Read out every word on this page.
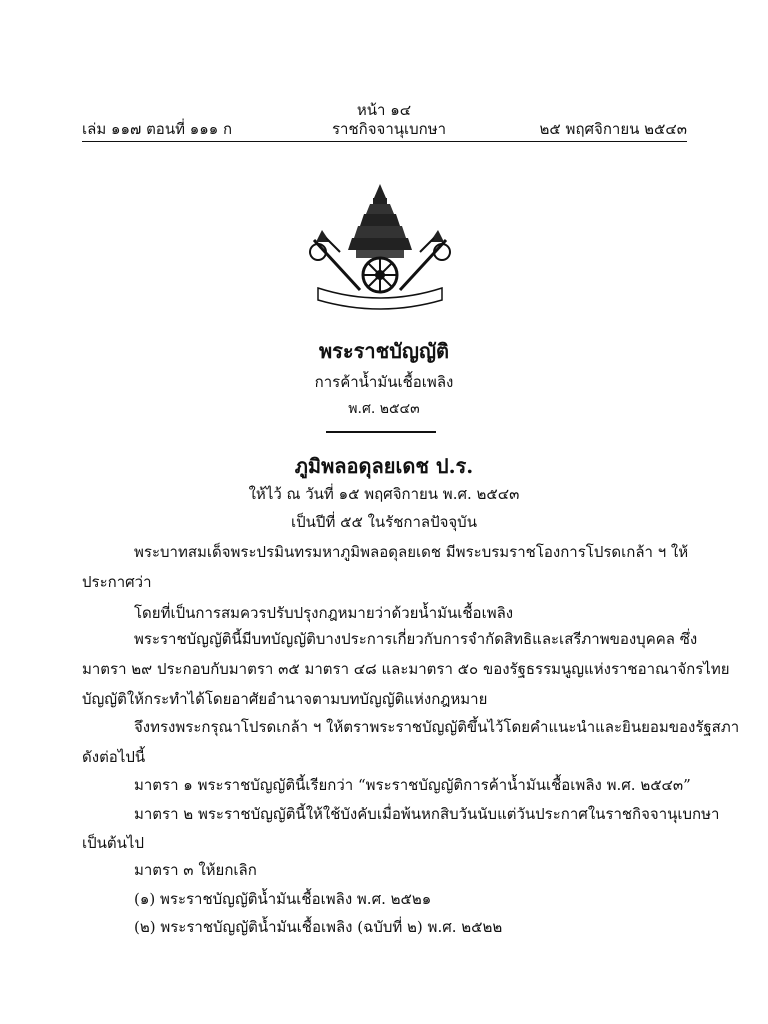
หน้า ๑๔
เล่ม ๑๑๗ ตอนที่ ๑๑๑ ก	ราชกิจจานุเบกษา	๒๕ พฤศจิกายน ๒๕๔๓
พระราชบัญญัติ
การค้าน้ำมันเชื้อเพลิง
พ.ศ. ๒๕๔๓
ภูมิพลอดุลยเดช ป.ร.
ให้ไว้ ณ วันที่ ๑๕ พฤศจิกายน พ.ศ. ๒๕๔๓
เป็นปีที่ ๕๕ ในรัชกาลปัจจุบัน
พระบาทสมเด็จพระปรมินทรมหาภูมิพลอดุลยเดช มีพระบรมราชโองการโปรดเกล้า ฯ ให้
ประกาศว่า
โดยที่เป็นการสมควรปรับปรุงกฎหมายว่าด้วยน้ำมันเชื้อเพลิง
พระราชบัญญัตินี้มีบทบัญญัติบางประการเกี่ยวกับการจำกัดสิทธิและเสรีภาพของบุคคล ซึ่ง
มาตรา ๒๙ ประกอบกับมาตรา ๓๕ มาตรา ๔๘ และมาตรา ๕๐ ของรัฐธรรมนูญแห่งราชอาณาจักรไทย
บัญญัติให้กระทำได้โดยอาศัยอำนาจตามบทบัญญัติแห่งกฎหมาย
จึงทรงพระกรุณาโปรดเกล้า ฯ ให้ตราพระราชบัญญัติขึ้นไว้โดยคำแนะนำและยินยอมของรัฐสภา
ดังต่อไปนี้
มาตรา ๑ พระราชบัญญัตินี้เรียกว่า “พระราชบัญญัติการค้าน้ำมันเชื้อเพลิง พ.ศ. ๒๕๔๓”
มาตรา ๒ พระราชบัญญัตินี้ให้ใช้บังคับเมื่อพ้นหกสิบวันนับแต่วันประกาศในราชกิจจานุเบกษา
เป็นต้นไป
มาตรา ๓ ให้ยกเลิก
(๑) พระราชบัญญัติน้ำมันเชื้อเพลิง พ.ศ. ๒๕๒๑
(๒) พระราชบัญญัติน้ำมันเชื้อเพลิง (ฉบับที่ ๒) พ.ศ. ๒๕๒๒
